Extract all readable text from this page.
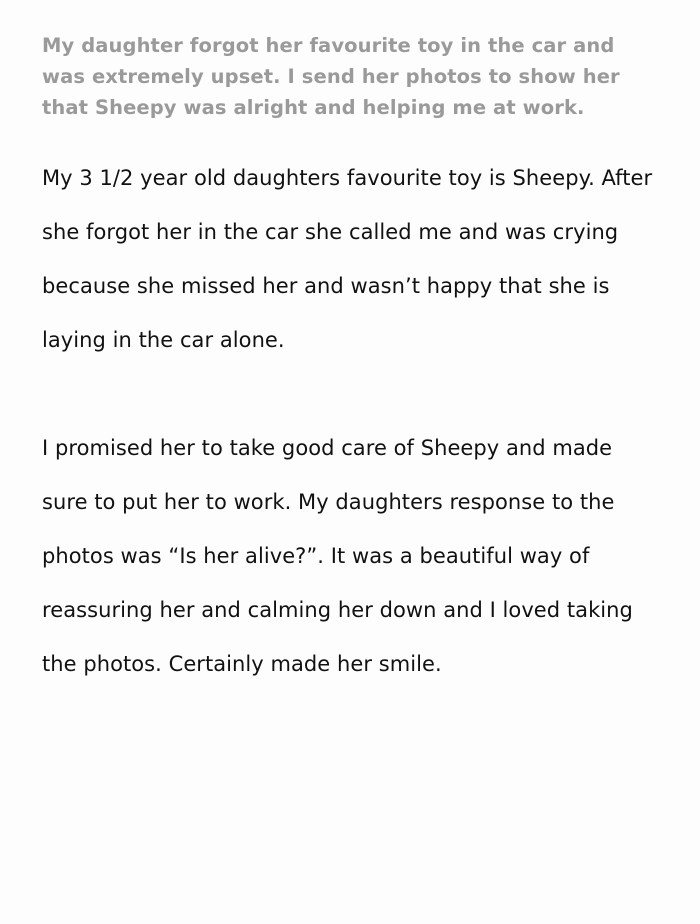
My daughter forgot her favourite toy in the car and was extremely upset. I send her photos to show her that Sheepy was alright and helping me at work.

My 3 1/2 year old daughters favourite toy is Sheepy. After she forgot her in the car she called me and was crying because she missed her and wasn’t happy that she is laying in the car alone.

I promised her to take good care of Sheepy and made sure to put her to work. My daughters response to the photos was “Is her alive?”. It was a beautiful way of reassuring her and calming her down and I loved taking the photos. Certainly made her smile.
